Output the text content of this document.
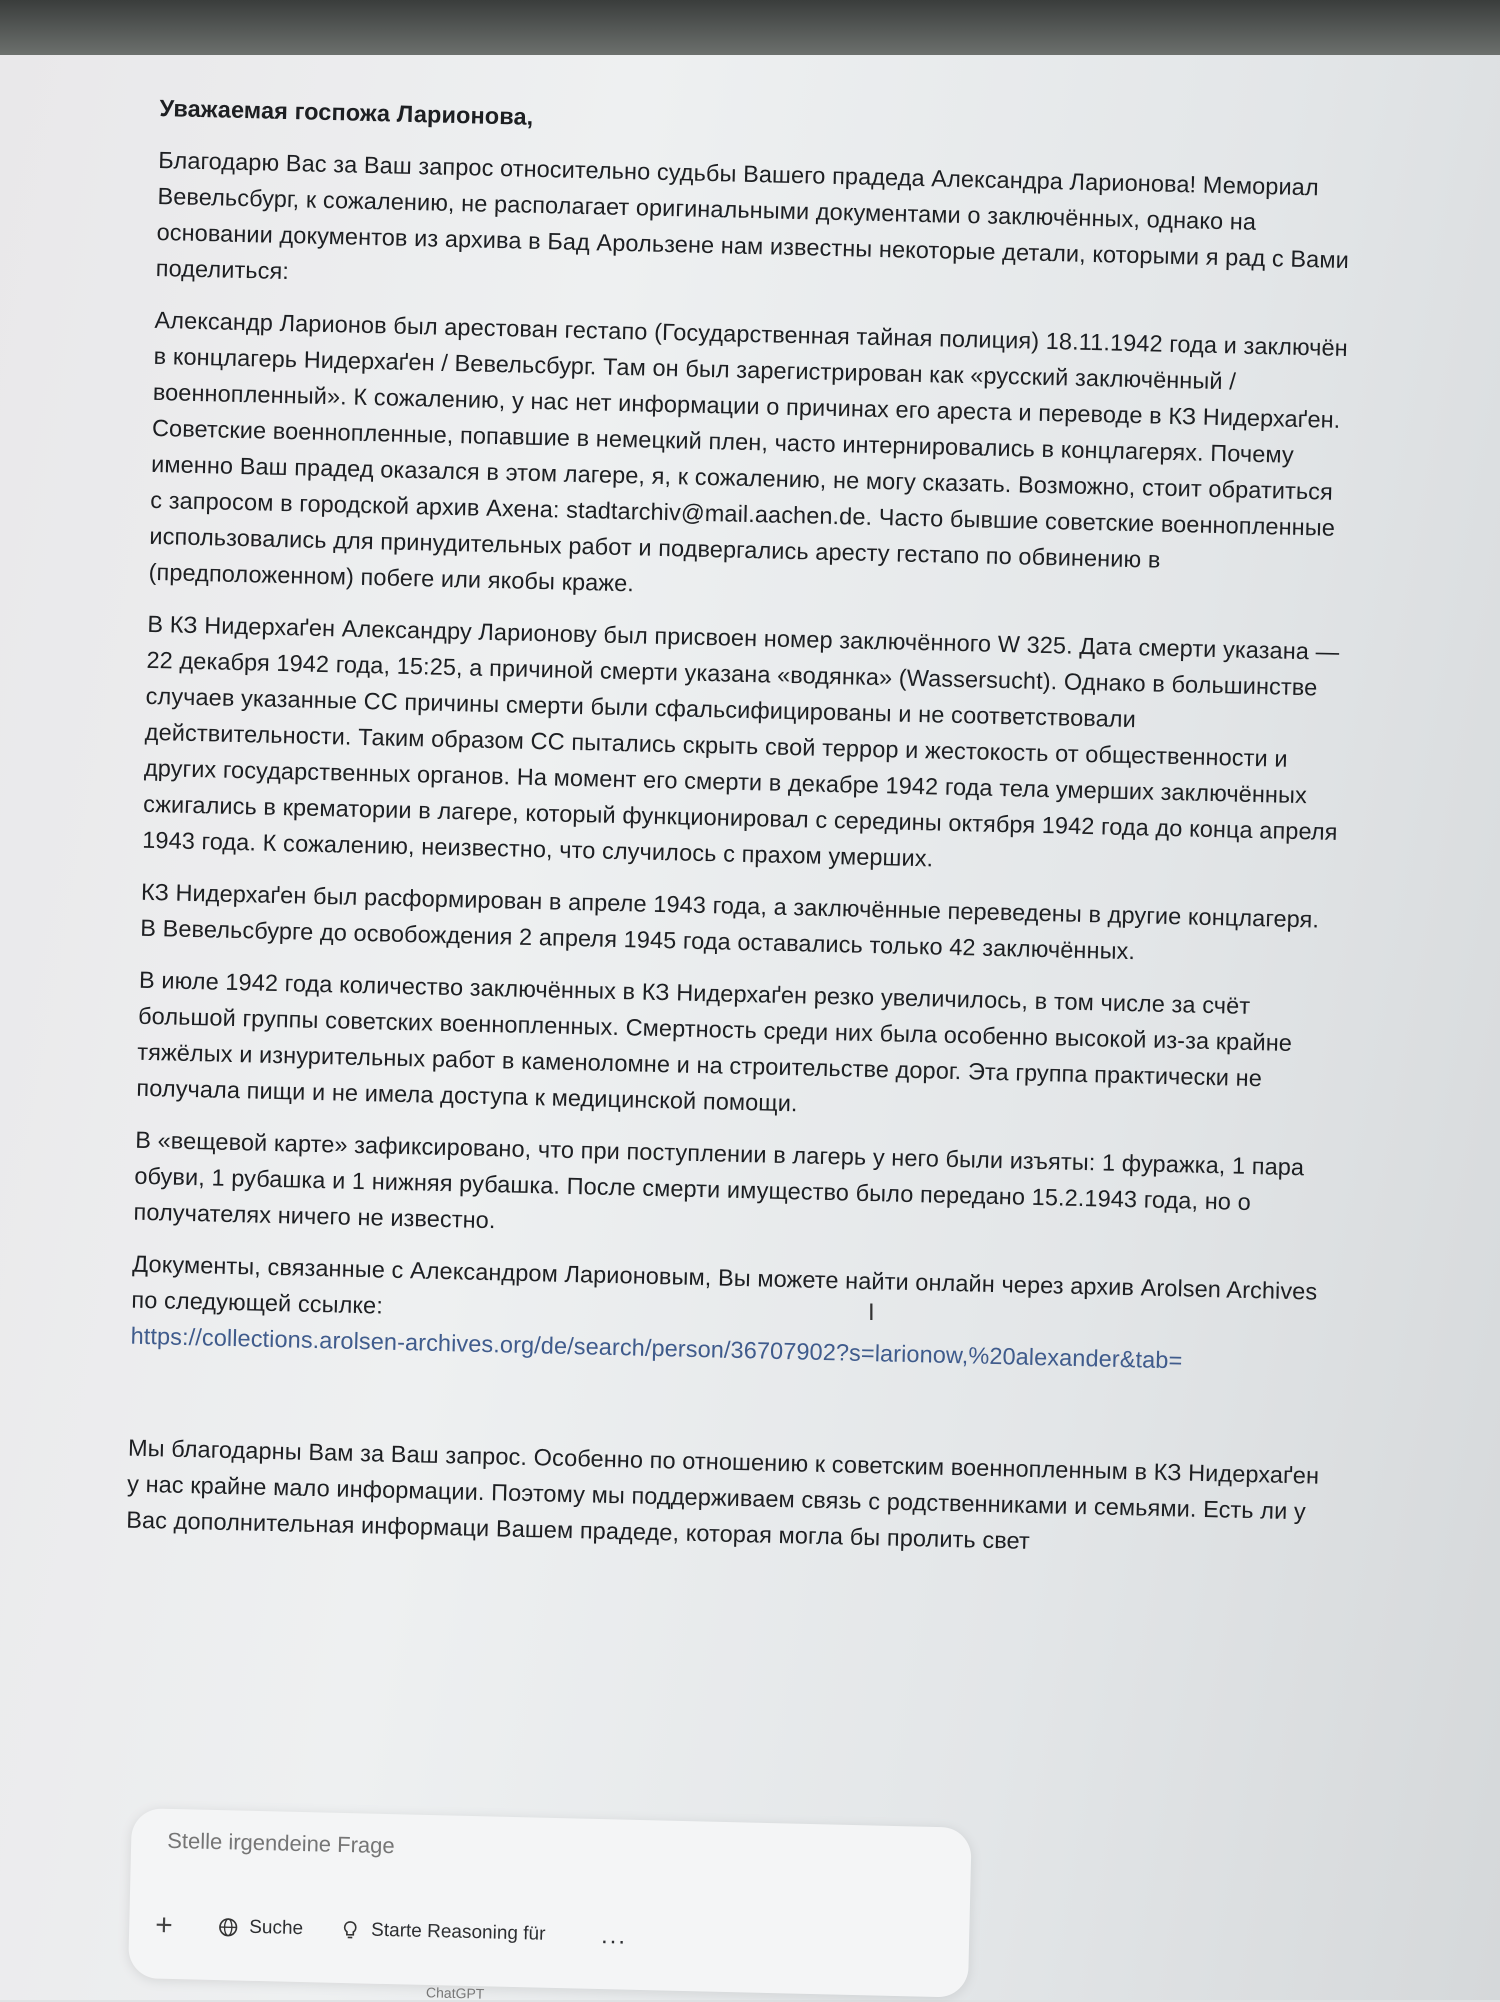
Уважаемая госпожа Ларионова,

Благодарю Вас за Ваш запрос относительно судьбы Вашего прадеда Александра Ларионова! Мемориал Вевельсбург, к сожалению, не располагает оригинальными документами о заключённых, однако на основании документов из архива в Бад Арользене нам известны некоторые детали, которыми я рад с Вами поделиться:

Александр Ларионов был арестован гестапо (Государственная тайная полиция) 18.11.1942 года и заключён в концлагерь Нидерхаґен / Вевельсбург. Там он был зарегистрирован как «русский заключённый / военнопленный». К сожалению, у нас нет информации о причинах его ареста и переводе в КЗ Нидерхаґен. Советские военнопленные, попавшие в немецкий плен, часто интернировались в концлагерях. Почему именно Ваш прадед оказался в этом лагере, я, к сожалению, не могу сказать. Возможно, стоит обратиться с запросом в городской архив Ахена: stadtarchiv@mail.aachen.de. Часто бывшие советские военнопленные использовались для принудительных работ и подвергались аресту гестапо по обвинению в (предположенном) побеге или якобы краже.

В КЗ Нидерхаґен Александру Ларионову был присвоен номер заключённого W 325. Дата смерти указана — 22 декабря 1942 года, 15:25, а причиной смерти указана «водянка» (Wassersucht). Однако в большинстве случаев указанные СС причины смерти были сфальсифицированы и не соответствовали действительности. Таким образом СС пытались скрыть свой террор и жестокость от общественности и других государственных органов. На момент его смерти в декабре 1942 года тела умерших заключённых сжигались в крематории в лагере, который функционировал с середины октября 1942 года до конца апреля 1943 года. К сожалению, неизвестно, что случилось с прахом умерших.

КЗ Нидерхаґен был расформирован в апреле 1943 года, а заключённые переведены в другие концлагеря. В Вевельсбурге до освобождения 2 апреля 1945 года оставались только 42 заключённых.

В июле 1942 года количество заключённых в КЗ Нидерхаґен резко увеличилось, в том числе за счёт большой группы советских военнопленных. Смертность среди них была особенно высокой из-за крайне тяжёлых и изнурительных работ в каменоломне и на строительстве дорог. Эта группа практически не получала пищи и не имела доступа к медицинской помощи.

В «вещевой карте» зафиксировано, что при поступлении в лагерь у него были изъяты: 1 фуражка, 1 пара обуви, 1 рубашка и 1 нижняя рубашка. После смерти имущество было передано 15.2.1943 года, но о получателях ничего не известно.

Документы, связанные с Александром Ларионовым, Вы можете найти онлайн через архив Arolsen Archives по следующей ссылке:
https://collections.arolsen-archives.org/de/search/person/36707902?s=larionow,%20alexander&tab=

Мы благодарны Вам за Ваш запрос. Особенно по отношению к советским военнопленным в КЗ Нидерхаґен у нас крайне мало информации. Поэтому мы поддерживаем связь с родственниками и семьями. Есть ли у Вас дополнительная информаци Вашем прадеде, которая могла бы пролить свет

I
Stelle irgendeine Frage
+	Suche	Starte Reasoning für ...
ChatGPT
